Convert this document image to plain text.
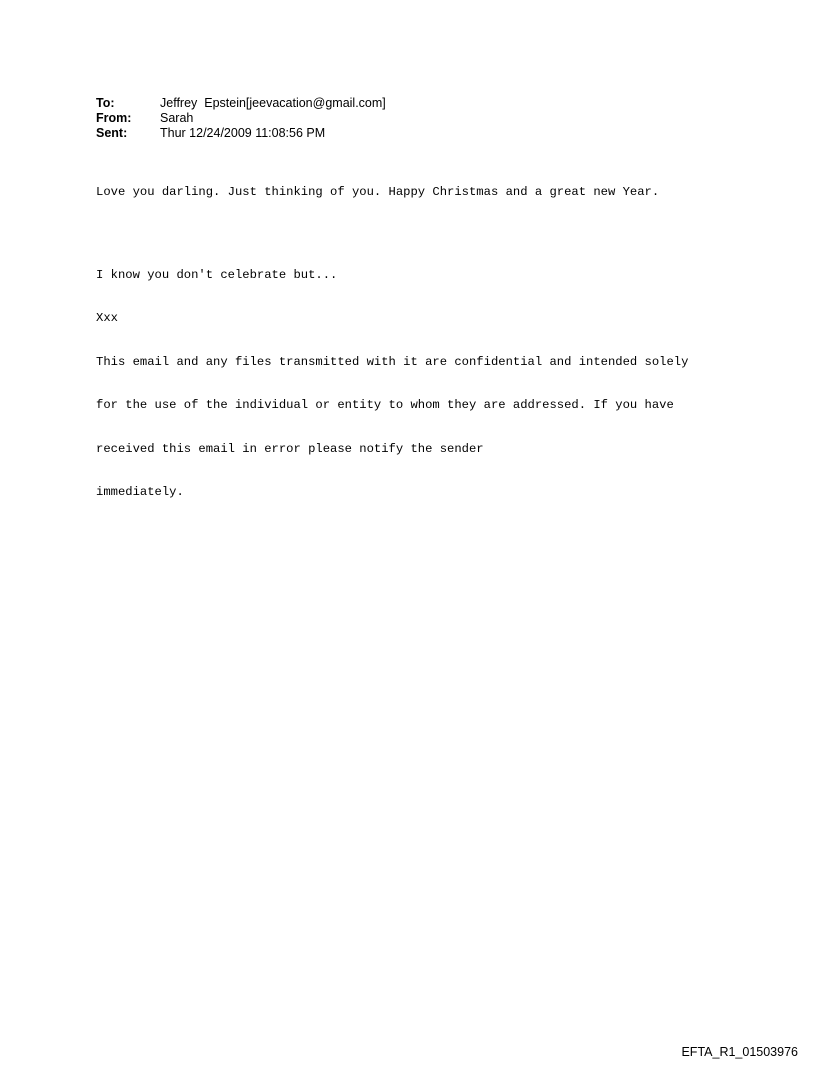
To:	Jeffrey  Epstein[jeevacation@gmail.com]
From:	Sarah
Sent:	Thur 12/24/2009 11:08:56 PM

Love you darling. Just thinking of you. Happy Christmas and a great new Year.

I know you don't celebrate but...

Xxx

This email and any files transmitted with it are confidential and intended solely

for the use of the individual or entity to whom they are addressed. If you have

received this email in error please notify the sender

immediately.

EFTA_R1_01503976
